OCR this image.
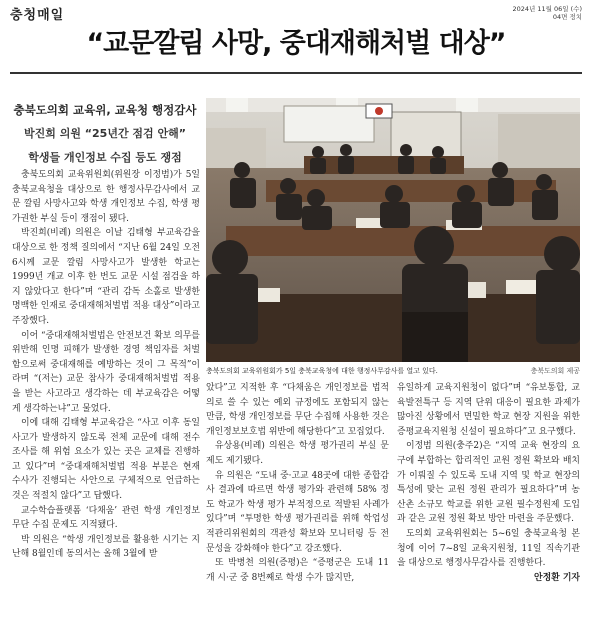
충청매일	2024년 11월 06일 (수)
04면 정치
“교문깔림 사망, 중대재해처벌 대상”
충북도의회 교육위, 교육청 행정감사
박진희 의원 “25년간 점검 안해”
학생들 개인정보 수집 등도 쟁점
충북도의회 교육위원회가 5일 충북교육청에 대한 행정사무감사를 열고 있다.	충북도의회 제공

충북도의회 교육위원회(위원장 이정범)가 5일 충북교육청을 대상으로 한 행정사무감사에서 교문 깔림 사망사고와 학생 개인정보 수집, 학생 평가권한 부실 등이 쟁점이 됐다.

박진희(비례) 의원은 이날 김태형 부교육감을 대상으로 한 정책 질의에서 “지난 6월 24일 오전 6시께 교문 깔림 사망사고가 발생한 학교는 1999년 개교 이후 한 번도 교문 시설 점검을 하지 않았다고 한다”며 “관리 감독 소홀로 발생한 명백한 인재로 중대재해처벌법 적용 대상”이라고 주장했다.

이어 “중대재해처벌법은 안전보건 확보 의무를 위반해 인명 피해가 발생한 경영 책임자를 처벌함으로써 중대재해를 예방하는 것이 그 목적”이라며 “(저는) 교문 참사가 중대재해처벌법 적용을 받는 사고라고 생각하는 데 부교육감은 어떻게 생각하는냐”고 물었다.

이에 대해 김태형 부교육감은 “사고 이후 동일 사고가 발생하지 않도록 전체 교문에 대해 전수 조사를 해 위험 요소가 있는 곳은 교체를 진행하고 있다”며 “중대재해처벌법 적용 부분은 현재 수사가 진행되는 사안으로 구체적으로 언급하는 것은 적절치 않다”고 답했다.

교수학습플랫폼 ‘다채움’ 관련 학생 개인정보 무단 수집 문제도 지적됐다.

박 의원은 “학생 개인정보를 활용한 시기는 지난해 8월인데 동의서는 올해 3월에 받

았다”고 지적한 후 “다채움은 개인정보를 법적 의로 쓸 수 있는 예외 규정에도 포함되지 않는 만큼, 학생 개인정보를 무단 수집해 사용한 것은 개인정보보호법 위반에 해당한다”고 꼬집었다.

유상용(비례) 의원은 학생 평가권리 부실 문제도 제기됐다.

유 의원은 “도내 중·고교 48곳에 대한 종합감사 결과에 따르면 학생 평가와 관련해 58% 정도 학교가 학생 평가 부적정으로 적발된 사례가 있다”며 “투명한 학생 평가권리를 위해 학업성적관리위원회의 객관성 확보와 모니터링 등 전문성을 강화해야 한다”고 강조했다.

또 박병천 의원(증평)은 “증평군은 도내 11개 시·군 중 8번째로 학생 수가 많지만,

유일하게 교육지원청이 없다”며 “유보통합, 교육발전특구 등 지역 단위 대응이 필요한 과제가 많아진 상황에서 면밀한 학교 현장 지원을 위한 증평교육지원청 신설이 필요하다”고 요구했다.

이정범 의원(충주2)은 “지역 교육 현장의 요구에 부합하는 합리적인 교원 정원 확보와 배치가 이뤄질 수 있도록 도내 지역 및 학교 현장의 특성에 맞는 교원 정원 관리가 필요하다”며 농산촌 소규모 학교를 위한 교원 필수정원제 도입과 같은 교원 정원 확보 방안 마련을 주문했다.

도의회 교육위원회는 5~6일 충북교육청 본청에 이어 7~8일 교육지원청, 11일 직속기관을 대상으로 행정사무감사를 진행한다.

안정환 기자
